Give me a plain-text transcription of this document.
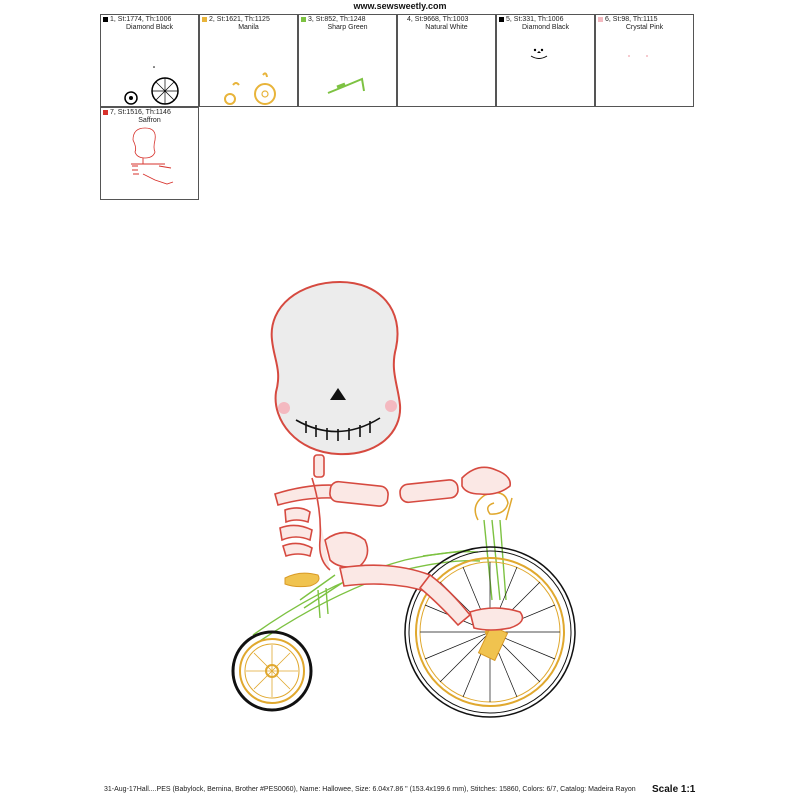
www.sewsweetly.com
1, St:1774, Th:1006
Diamond Black
2, St:1621, Th:1125
Manila
3, St:852, Th:1248
Sharp Green
4, St:9668, Th:1003
Natural White
5, St:331, Th:1006
Diamond Black
6, St:98, Th:1115
Crystal Pink
7, St:1516, Th:1146
Saffron
31-Aug-17Hall....PES (Babylock, Bernina, Brother #PES0060), Name: Hallowee, Size: 6.04x7.86 " (153.4x199.6 mm), Stitches: 15860, Colors: 6/7, Catalog: Madeira Rayon Scale 1:1
